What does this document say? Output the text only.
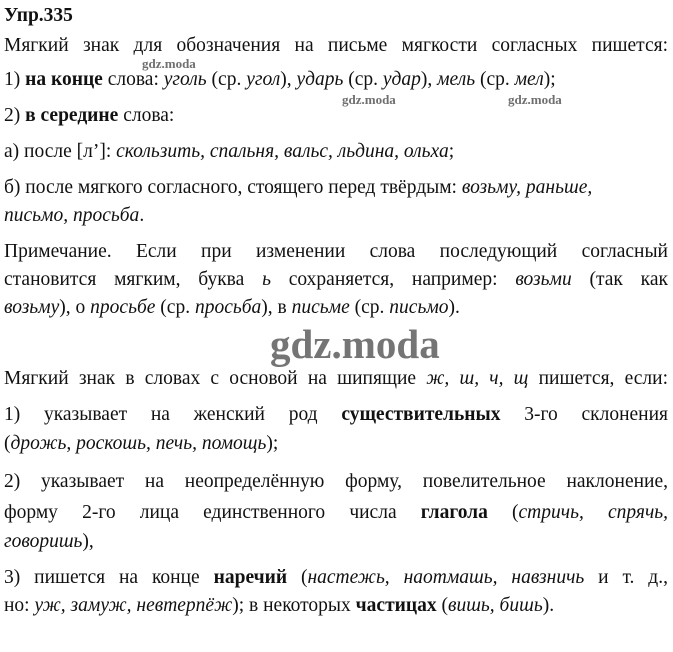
Упр.335
Мягкий знак для обозначения на письме мягкости согласных пишется:
1) на конце слова: уголь (ср. угол), ударь (ср. удар), мель (ср. мел);
2) в середине слова:
а) после [л’]: скользить, спальня, вальс, льдина, ольха;
б) после мягкого согласного, стоящего перед твёрдым: возьму, раньше,
письмо, просьба.
Примечание. Если при изменении слова последующий согласный
становится мягким, буква ь сохраняется, например: возьми (так как
возьму), о просьбе (ср. просьба), в письме (ср. письмо).
Мягкий знак в словах с основой на шипящие ж, ш, ч, щ пишется, если:
1) указывает на женский род существительных 3-го склонения
(дрожь, роскошь, печь, помощь);
2) указывает на неопределённую форму, повелительное наклонение,
форму 2-го лица единственного числа глагола (стричь, спрячь,
говоришь),
3) пишется на конце наречий (настежь, наотмашь, навзничь и т. д.,
но: уж, замуж, невтерпёж); в некоторых частицах (вишь, бишь).
gdz.moda
gdz.moda	gdz.moda
gdz.moda
